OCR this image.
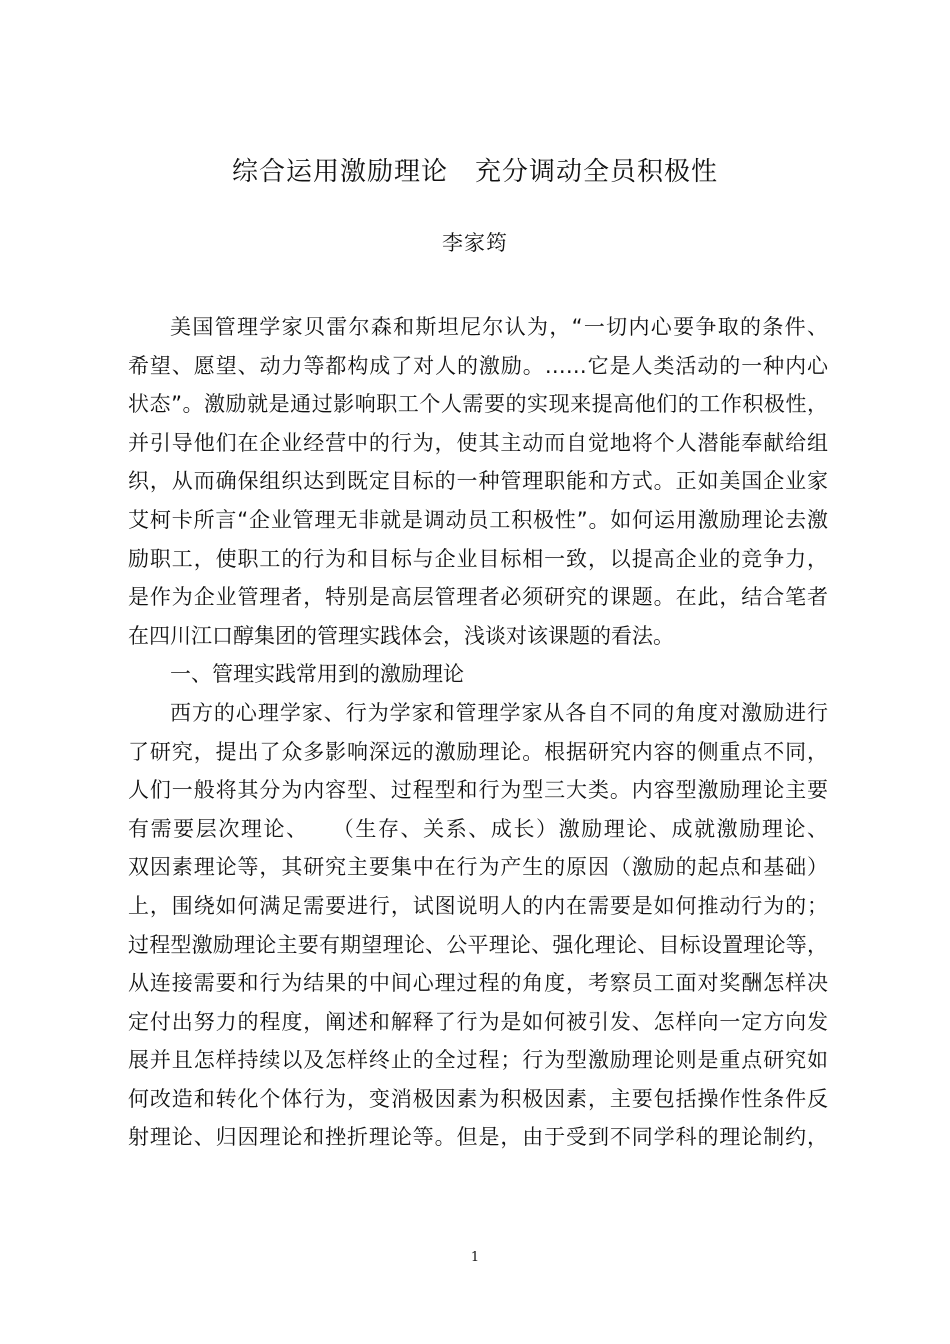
综合运用激励理论　充分调动全员积极性
李家筠
美国管理学家贝雷尔森和斯坦尼尔认为，“一切内心要争取的条件、
希望、愿望、动力等都构成了对人的激励。……它是人类活动的一种内心
状态”。激励就是通过影响职工个人需要的实现来提高他们的工作积极性，
并引导他们在企业经营中的行为，使其主动而自觉地将个人潜能奉献给组
织，从而确保组织达到既定目标的一种管理职能和方式。正如美国企业家
艾柯卡所言“企业管理无非就是调动员工积极性”。如何运用激励理论去激
励职工，使职工的行为和目标与企业目标相一致，以提高企业的竞争力，
是作为企业管理者，特别是高层管理者必须研究的课题。在此，结合笔者
在四川江口醇集团的管理实践体会，浅谈对该课题的看法。
一、管理实践常用到的激励理论
西方的心理学家、行为学家和管理学家从各自不同的角度对激励进行
了研究，提出了众多影响深远的激励理论。根据研究内容的侧重点不同，
人们一般将其分为内容型、过程型和行为型三大类。内容型激励理论主要
有需要层次理论、　　（生存、关系、成长）激励理论、成就激励理论、
双因素理论等，其研究主要集中在行为产生的原因（激励的起点和基础）
上，围绕如何满足需要进行，试图说明人的内在需要是如何推动行为的；
过程型激励理论主要有期望理论、公平理论、强化理论、目标设置理论等，
从连接需要和行为结果的中间心理过程的角度，考察员工面对奖酬怎样决
定付出努力的程度，阐述和解释了行为是如何被引发、怎样向一定方向发
展并且怎样持续以及怎样终止的全过程；行为型激励理论则是重点研究如
何改造和转化个体行为，变消极因素为积极因素，主要包括操作性条件反
射理论、归因理论和挫折理论等。但是，由于受到不同学科的理论制约，
1
